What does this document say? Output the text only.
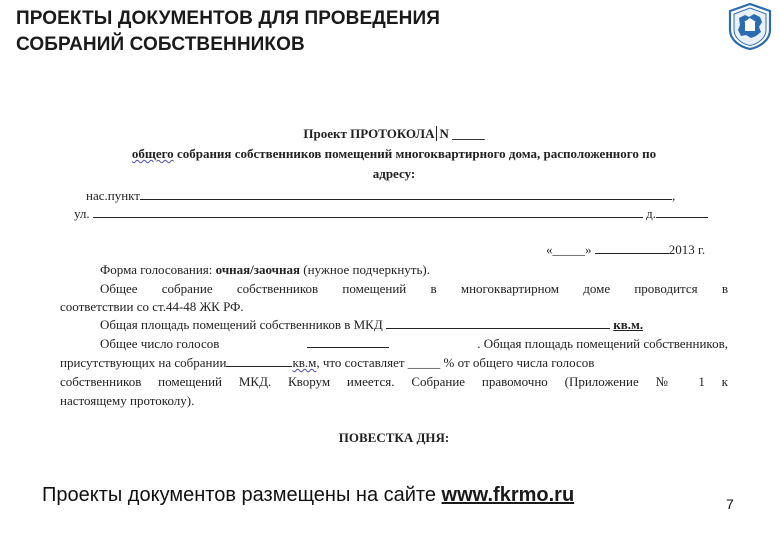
ПРОЕКТЫ ДОКУМЕНТОВ ДЛЯ ПРОВЕДЕНИЯ
СОБРАНИЙ СОБСТВЕННИКОВ
Проект ПРОТОКОЛА N _____
общего собрания собственников помещений многоквартирного дома, расположенного по
адресу:
нас.пункт	,
ул.	д.
«_____»	2013 г.
Форма голосования: очная/заочная (нужное подчеркнуть).
Общее собрание собственников помещений в многоквартирном доме проводится в
соответствии со ст.44-48 ЖК РФ.
Общая площадь помещений собственников в МКД	кв.м.
Общее число голосов	. Общая площадь помещений собственников,
присутствующих на собрании	кв.м, что составляет _____ % от общего числа голосов
собственников помещений МКД. Кворум имеется. Собрание правомочно (Приложение № 1 к
настоящему протоколу).
ПОВЕСТКА ДНЯ:
Проекты документов размещены на сайте www.fkrmo.ru	7
